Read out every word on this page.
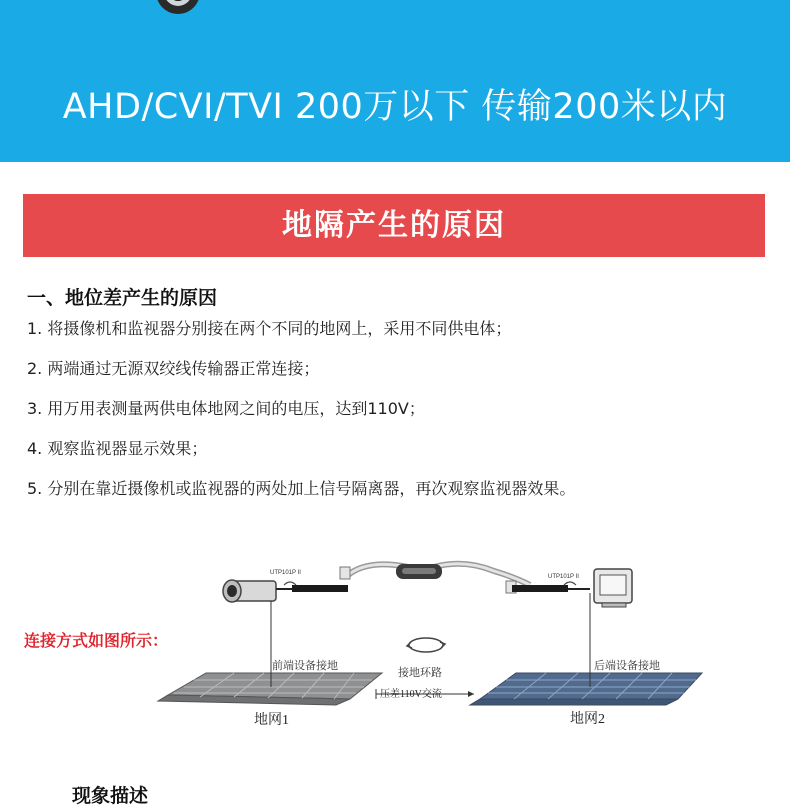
AHD/CVI/TVI 200万以下 传输200米以内
地隔产生的原因
一、地位差产生的原因
1. 将摄像机和监视器分别接在两个不同的地网上，采用不同供电体；
2. 两端通过无源双绞线传输器正常连接；
3. 用万用表测量两供电体地网之间的电压，达到110V；
4. 观察监视器显示效果；
5. 分别在靠近摄像机或监视器的两处加上信号隔离器，再次观察监视器效果。
连接方式如图所示：
UTP101P II
UTP101P II
前端设备接地	后端设备接地
接地环路
压差110V交流
地网1	地网2
现象描述
